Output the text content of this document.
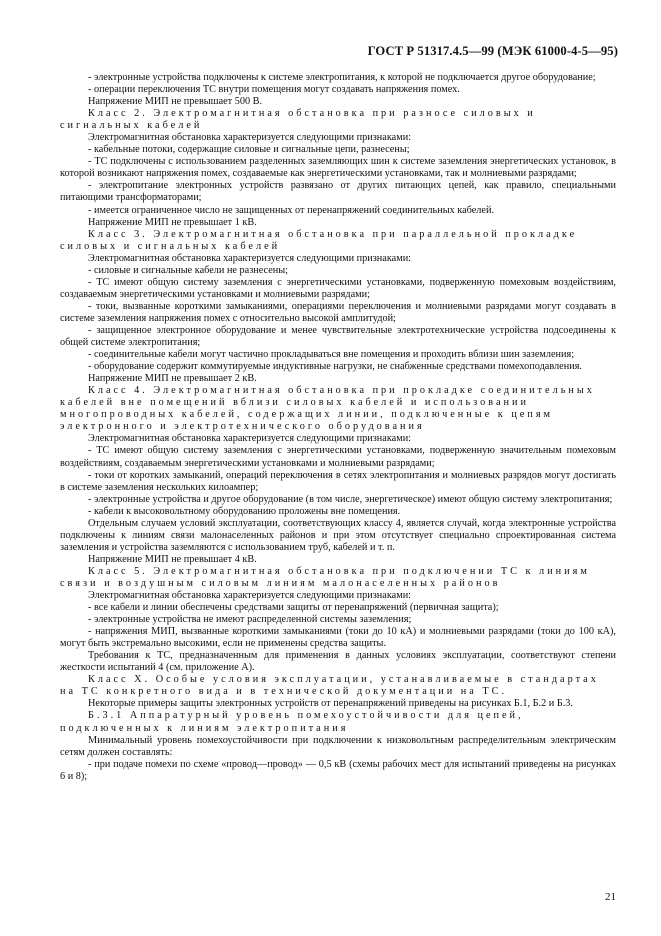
ГОСТ Р 51317.4.5—99 (МЭК 61000-4-5—95)

- электронные устройства подключены к системе электропитания, к которой не подключается другое оборудование;

- операции переключения ТС внутри помещения могут создавать напряжения помех.

Напряжение МИП не превышает 500 В.

Класс 2. Электромагнитная обстановка при разносе силовых и сигнальных кабелей

Электромагнитная обстановка характеризуется следующими признаками:

- кабельные потоки, содержащие силовые и сигнальные цепи, разнесены;

- ТС подключены с использованием разделенных заземляющих шин к системе заземления энергетических установок, в которой возникают напряжения помех, создаваемые как энергетическими установками, так и молниевыми разрядами;

- электропитание электронных устройств развязано от других питающих цепей, как правило, специальными питающими трансформаторами;

- имеется ограниченное число не защищенных от перенапряжений соединительных кабелей.

Напряжение МИП не превышает 1 кВ.

Класс 3. Электромагнитная обстановка при параллельной прокладке силовых и сигнальных кабелей

Электромагнитная обстановка характеризуется следующими признаками:

- силовые и сигнальные кабели не разнесены;

- ТС имеют общую систему заземления с энергетическими установками, подверженную помеховым воздействиям, создаваемым энергетическими установками и молниевыми разрядами;

- токи, вызванные короткими замыканиями, операциями переключения и молниевыми разрядами могут создавать в системе заземления напряжения помех с относительно высокой амплитудой;

- защищенное электронное оборудование и менее чувствительные электротехнические устройства подсоединены к общей системе электропитания;

- соединительные кабели могут частично прокладываться вне помещения и проходить вблизи шин заземления;

- оборудование содержит коммутируемые индуктивные нагрузки, не снабженные средствами помехоподавления.

Напряжение МИП не превышает 2 кВ.

Класс 4. Электромагнитная обстановка при прокладке соединительных кабелей вне помещений вблизи силовых кабелей и использовании многопроводных кабелей, содержащих линии, подключенные к цепям электронного и электротехнического оборудования

Электромагнитная обстановка характеризуется следующими признаками:

- ТС имеют общую систему заземления с энергетическими установками, подверженную значительным помеховым воздействиям, создаваемым энергетическими установками и молниевыми разрядами;

- токи от коротких замыканий, операций переключения в сетях электропитания и молниевых разрядов могут достигать в системе заземления нескольких килоампер;

- электронные устройства и другое оборудование (в том числе, энергетическое) имеют общую систему электропитания;

- кабели к высоковольтному оборудованию проложены вне помещения.

Отдельным случаем условий эксплуатации, соответствующих классу 4, является случай, когда электронные устройства подключены к линиям связи малонаселенных районов и при этом отсутствует специально спроектированная система заземления и устройства заземляются с использованием труб, кабелей и т. п.

Напряжение МИП не превышает 4 кВ.

Класс 5. Электромагнитная обстановка при подключении ТС к линиям связи и воздушным силовым линиям малонаселенных районов

Электромагнитная обстановка характеризуется следующими признаками:

- все кабели и линии обеспечены средствами защиты от перенапряжений (первичная защита);

- электронные устройства не имеют распределенной системы заземления;

- напряжения МИП, вызванные короткими замыканиями (токи до 10 кА) и молниевыми разрядами (токи до 100 кА), могут быть экстремально высокими, если не применены средства защиты.

Требования к ТС, предназначенным для применения в данных условиях эксплуатации, соответствуют степени жесткости испытаний 4 (см. приложение А).

Класс X. Особые условия эксплуатации, устанавливаемые в стандартах на ТС конкретного вида и в технической документации на ТС.

Некоторые примеры защиты электронных устройств от перенапряжений приведены на рисунках Б.1, Б.2 и Б.3.

Б.3.1 Аппаратурный уровень помехоустойчивости для цепей, подключенных к линиям электропитания

Минимальный уровень помехоустойчивости при подключении к низковольтным распределительным электрическим сетям должен составлять:

- при подаче помехи по схеме «провод—провод» — 0,5 кВ (схемы рабочих мест для испытаний приведены на рисунках 6 и 8);

21
